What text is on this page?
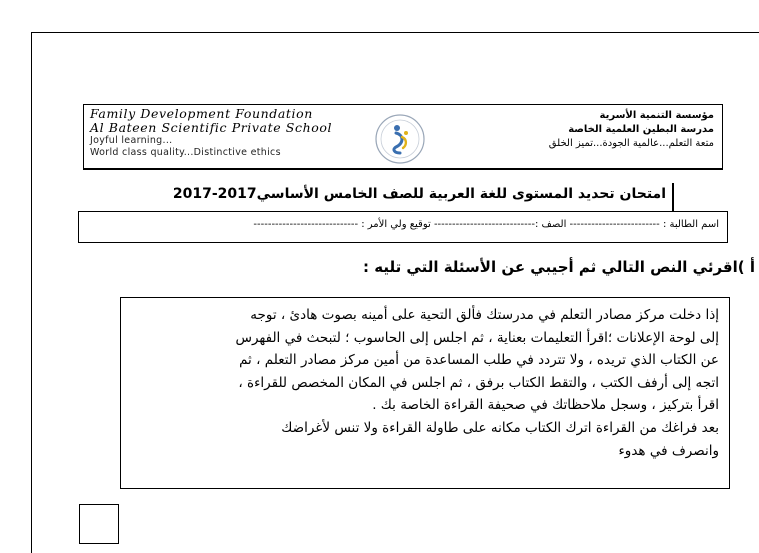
Family Development Foundation
Al Bateen Scientific Private School
Joyful learning...
World class quality...Distinctive ethics
مؤسسة التنمية الأسرية
مدرسة البطين العلمية الخاصة
متعة التعلم...عالمية الجودة...تميز الخلق
امتحان تحديد المستوى للغة العربية للصف الخامس الأساسي2017-2017
اسم الطالبة : ------------------------- الصف :---------------------------- توقيع ولي الأمر : -----------------------------
أ )اقرئي النص التالي ثم أجيبي عن الأسئلة التي تليه :
إذا دخلت مركز مصادر التعلم في مدرستك فألق التحية على أمينه بصوت هادئ ، توجه
إلى لوحة الإعلانات ؛اقرأ التعليمات بعناية ، ثم اجلس إلى الحاسوب ؛ لتبحث في الفهرس
عن الكتاب الذي تريده ، ولا تتردد في طلب المساعدة من أمين مركز مصادر التعلم ، ثم
اتجه إلى أرفف الكتب ، والتقط الكتاب برفق ، ثم اجلس في المكان المخصص للقراءة ،
اقرأ بتركيز ، وسجل ملاحظاتك في صحيفة القراءة الخاصة بك .
بعد فراغك من القراءة اترك الكتاب مكانه على طاولة القراءة ولا تنس لأغراضك
وانصرف في هدوء
